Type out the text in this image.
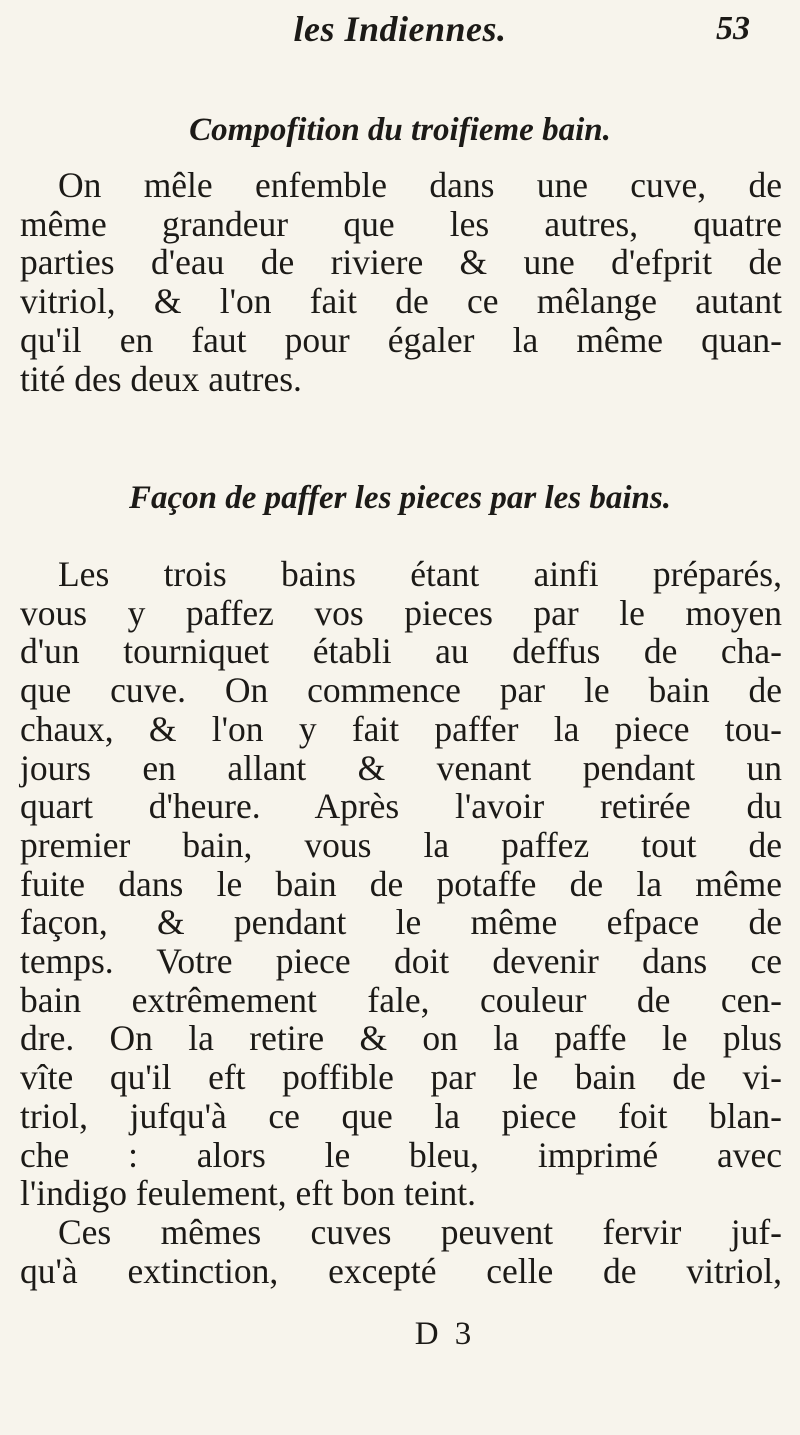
les Indiennes.	53
Compofition du troifieme bain.
On mêle enfemble dans une cuve, de
même grandeur que les autres, quatre
parties d'eau de riviere & une d'efprit de
vitriol, & l'on fait de ce mêlange autant
qu'il en faut pour égaler la même quan-
tité des deux autres.
Façon de paffer les pieces par les bains.
Les trois bains étant ainfi préparés,
vous y paffez vos pieces par le moyen
d'un tourniquet établi au deffus de cha-
que cuve. On commence par le bain de
chaux, & l'on y fait paffer la piece tou-
jours en allant & venant pendant un
quart d'heure. Après l'avoir retirée du
premier bain, vous la paffez tout de
fuite dans le bain de potaffe de la même
façon, & pendant le même efpace de
temps. Votre piece doit devenir dans ce
bain extrêmement fale, couleur de cen-
dre. On la retire & on la paffe le plus
vîte qu'il eft poffible par le bain de vi-
triol, jufqu'à ce que la piece foit blan-
che : alors le bleu, imprimé avec
l'indigo feulement, eft bon teint.
Ces mêmes cuves peuvent fervir juf-
qu'à extinction, excepté celle de vitriol,
D 3
